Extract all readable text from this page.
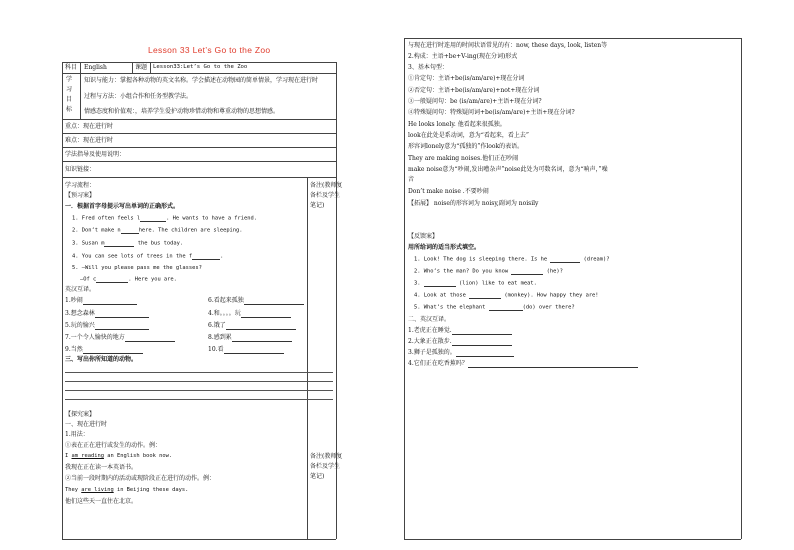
Lesson 33 Let’s Go to the Zoo
科目 English	课题 Lesson33:Let’s Go to the Zoo
学
习
目
标
知识与能力：掌握各种动物的英文名称。学会描述在动物园的简单情景，学习现在进行时
过程与方法：小组合作和任务型教学法。
情感态度和价值观：，培养学生爱护动物珍惜动物和尊重动物的思想情感。
重点：现在进行时
难点：现在进行时
学法指导及使用说明：
知识链接：
学习流程：
【预习案】
备注(教师复
备栏及学生
笔记)
一．根据首字母提示写出单词的正确形式。
1. Fred often feels l	. He wants to have a friend.
2. Don’t make n	here. The children are sleeping.
3. Susan m	the bus today.
4. You can see lots of trees in the f	.
5. —Will you please pass me the glasses?
—Of c	. Here you are.
英汉互译。
1.吵闹	6.看起来孤独
3.想念森林	4.和。。。。玩
5.玩的愉兴	6.饿了
7.一个令人愉快的地方	8.感到累
9.当然	10.看
三、写出你所知道的动物。
【探究案】
一、现在进行时
1.用法：
①表在正在进行或发生的动作。例：
I am reading an English book now.
我现在正在读一本英语书。
②当前一段时期内的活动或现阶段正在进行的动作。例：
They are living in Beijing these days.
他们这些天一直住在北京。
备注(教师复
备栏及学生
笔记)
与现在进行时连用的时间状语常见的有：now, these days, look, listen等
2.构成：主语+be+V-ing(现在分词)形式
3、基本句型：
①肯定句：主语+be(is/am/are)+现在分词
②否定句：主语+be(is/am/are)+not+现在分词
③一般疑问句：be (is/am/are)+主语+现在分词?
④特殊疑问句：特殊疑问词+be(is/am/are)+主语+现在分词?
He looks lonely. 他看起来很孤独。
look在此处是系动词，意为“看起来，看上去”
形容词lonely意为“孤独的”作look的表语。
They are making noises.他们正在吵闹
make noise意为“吵闹,发出嘈杂声”noise此处为可数名词，意为“响声，”噪
音
Don’t make noise .不要吵闹
【拓展】 noise的形容词为 noisy,副词为 noisily
【反馈案】
用所给词的适当形式填空。
1. Look! The dog is sleeping there. Is he	(dream)?
2. Who’s the man? Do you know	(he)?
3.	(lion) like to eat meat.
4. Look at those	(monkey). How happy they are!
5. What’s the elephant	(do) over there?
二、英汉互译。
1.老虎正在睡觉.
2.大象正在散步.
3.狮子是孤独的。
4.它们正在吃香蕉吗？
